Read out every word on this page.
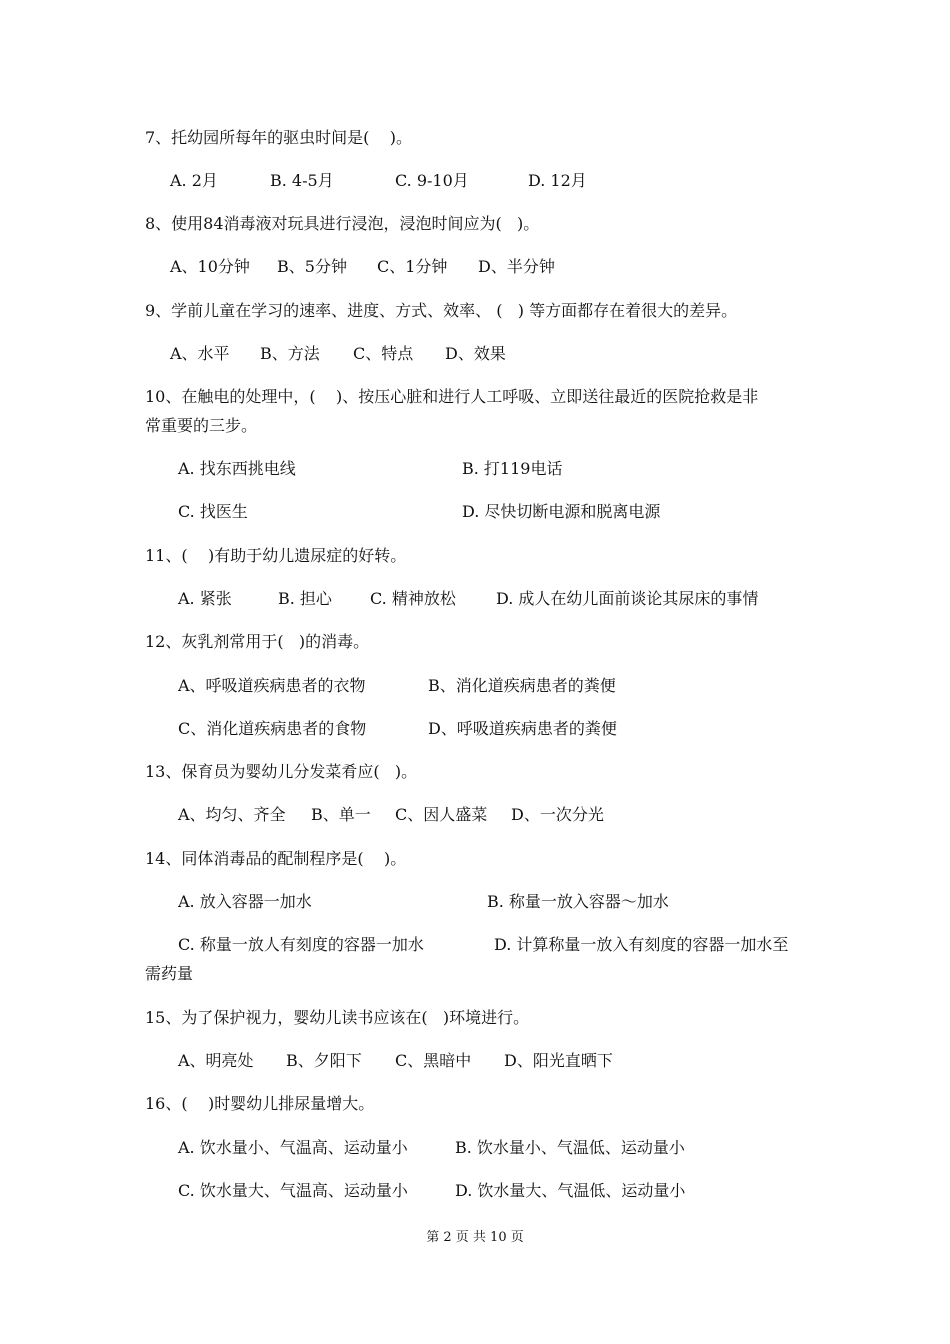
7、托幼园所每年的驱虫时间是(    )。
A. 2月	B. 4-5月	C. 9-10月	D. 12月
8、使用84消毒液对玩具进行浸泡，浸泡时间应为(   )。
A、10分钟 B、5分钟 C、1分钟 D、半分钟
9、学前儿童在学习的速率、进度、方式、效率、 (   ) 等方面都存在着很大的差异。
A、水平 B、方法 C、特点 D、效果
10、在触电的处理中，(    )、按压心脏和进行人工呼吸、立即送往最近的医院抢救是非
常重要的三步。
A. 找东西挑电线	B. 打119电话
C. 找医生	D. 尽快切断电源和脱离电源
11、(    )有助于幼儿遗尿症的好转。
A. 紧张	B. 担心 C. 精神放松	D. 成人在幼儿面前谈论其尿床的事情
12、灰乳剂常用于(   )的消毒。
A、呼吸道疾病患者的衣物	B、消化道疾病患者的粪便
C、消化道疾病患者的食物	D、呼吸道疾病患者的粪便
13、保育员为婴幼儿分发菜肴应(   )。
A、均匀、齐全 B、单一 C、因人盛菜 D、一次分光
14、同体消毒品的配制程序是(    )。
A. 放入容器一加水	B. 称量一放入容器～加水
C. 称量一放人有刻度的容器一加水	D. 计算称量一放入有刻度的容器一加水至
需药量
15、为了保护视力，婴幼儿读书应该在(   )环境进行。
A、明亮处 B、夕阳下 C、黑暗中 D、阳光直晒下
16、(    )时婴幼儿排尿量增大。
A. 饮水量小、气温高、运动量小	B. 饮水量小、气温低、运动量小
C. 饮水量大、气温高、运动量小	D. 饮水量大、气温低、运动量小
第 2 页 共 10 页
